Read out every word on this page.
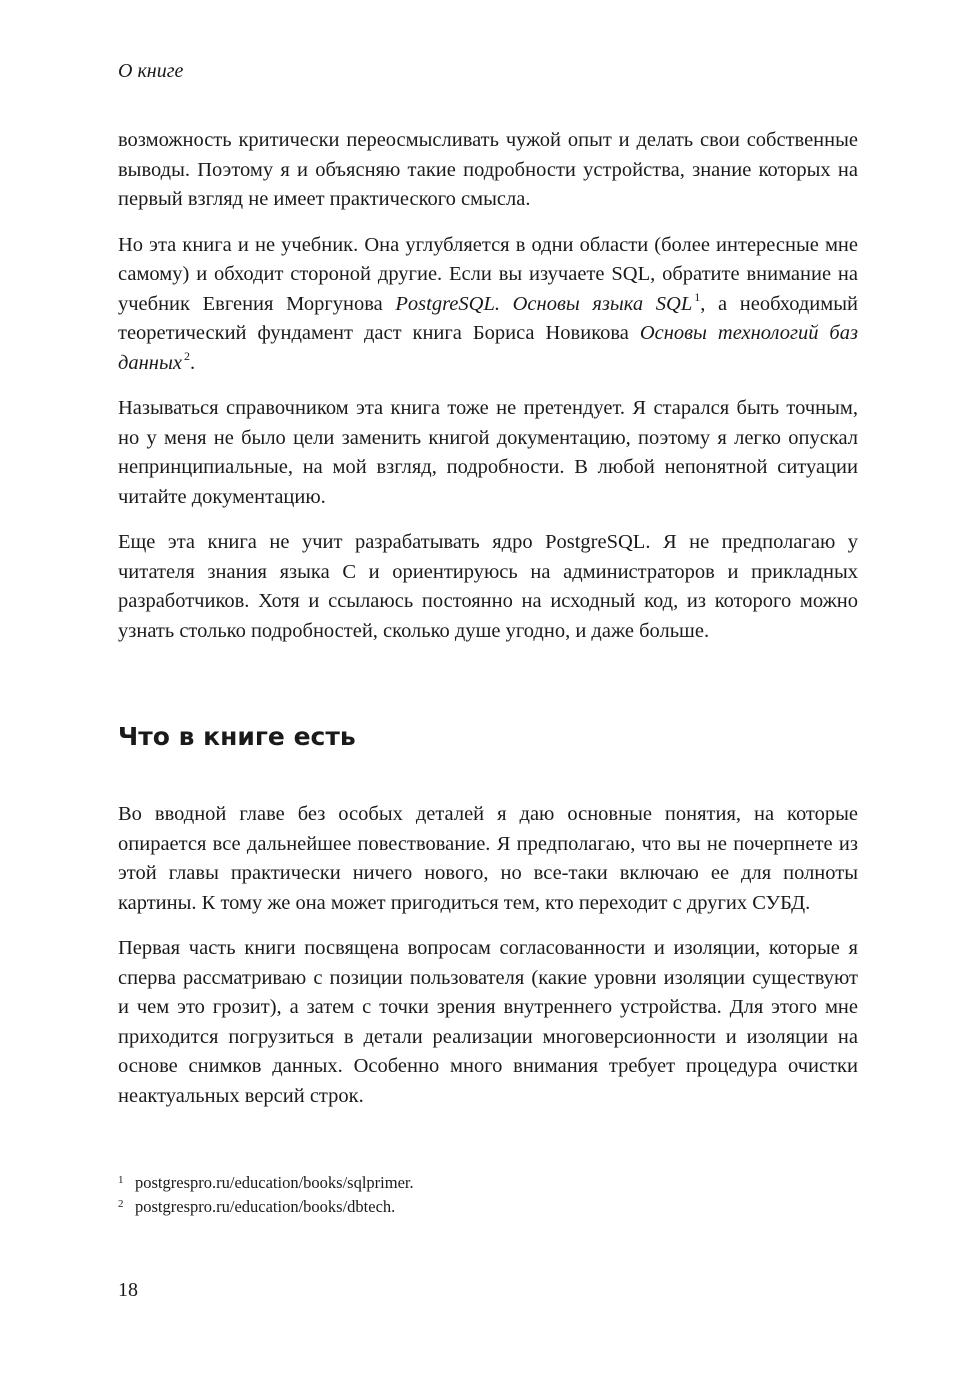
О книге

возможность критически переосмысливать чужой опыт и делать свои собственные выводы. Поэтому я и объясняю такие подробности устройства, знание которых на первый взгляд не имеет практического смысла.

Но эта книга и не учебник. Она углубляется в одни области (более интересные мне самому) и обходит стороной другие. Если вы изучаете SQL, обратите внимание на учебник Евгения Моргунова PostgreSQL. Основы языка SQL $^1$, а необходимый теоретический фундамент даст книга Бориса Новикова Основы технологий баз данных $^2$.

Называться справочником эта книга тоже не претендует. Я старался быть точным, но у меня не было цели заменить книгой документацию, поэтому я легко опускал непринципиальные, на мой взгляд, подробности. В любой непонятной ситуации читайте документацию.

Еще эта книга не учит разрабатывать ядро PostgreSQL. Я не предполагаю у читателя знания языка C и ориентируюсь на администраторов и прикладных разработчиков. Хотя и ссылаюсь постоянно на исходный код, из которого можно узнать столько подробностей, сколько душе угодно, и даже больше.

Что в книге есть

Во вводной главе без особых деталей я даю основные понятия, на которые опирается все дальнейшее повествование. Я предполагаю, что вы не почерпнете из этой главы практически ничего нового, но все-таки включаю ее для полноты картины. К тому же она может пригодиться тем, кто переходит с других СУБД.

Первая часть книги посвящена вопросам согласованности и изоляции, которые я сперва рассматриваю с позиции пользователя (какие уровни изоляции существуют и чем это грозит), а затем с точки зрения внутреннего устройства. Для этого мне приходится погрузиться в детали реализации многоверсионности и изоляции на основе снимков данных. Особенно много внимания требует процедура очистки неактуальных версий строк.

1 postgrespro.ru/education/books/sqlprimer.
2 postgrespro.ru/education/books/dbtech.
18
